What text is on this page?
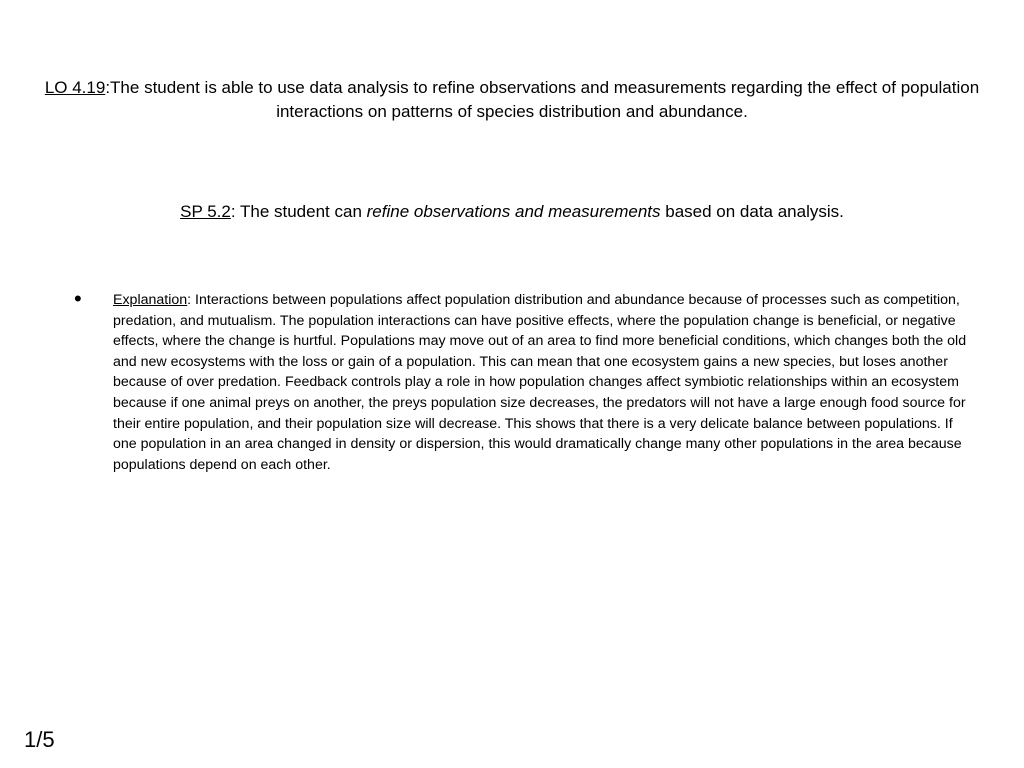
LO 4.19:The student is able to use data analysis to refine observations and measurements regarding the effect of population interactions on patterns of species distribution and abundance.
SP 5.2: The student can refine observations and measurements based on data analysis.
• Explanation: Interactions between populations affect population distribution and abundance because of processes such as competition, predation, and mutualism. The population interactions can have positive effects, where the population change is beneficial, or negative effects, where the change is hurtful. Populations may move out of an area to find more beneficial conditions, which changes both the old and new ecosystems with the loss or gain of a population. This can mean that one ecosystem gains a new species, but loses another because of over predation. Feedback controls play a role in how population changes affect symbiotic relationships within an ecosystem because if one animal preys on another, the preys population size decreases, the predators will not have a large enough food source for their entire population, and their population size will decrease. This shows that there is a very delicate balance between populations. If one population in an area changed in density or dispersion, this would dramatically change many other populations in the area because populations depend on each other.
1/5
